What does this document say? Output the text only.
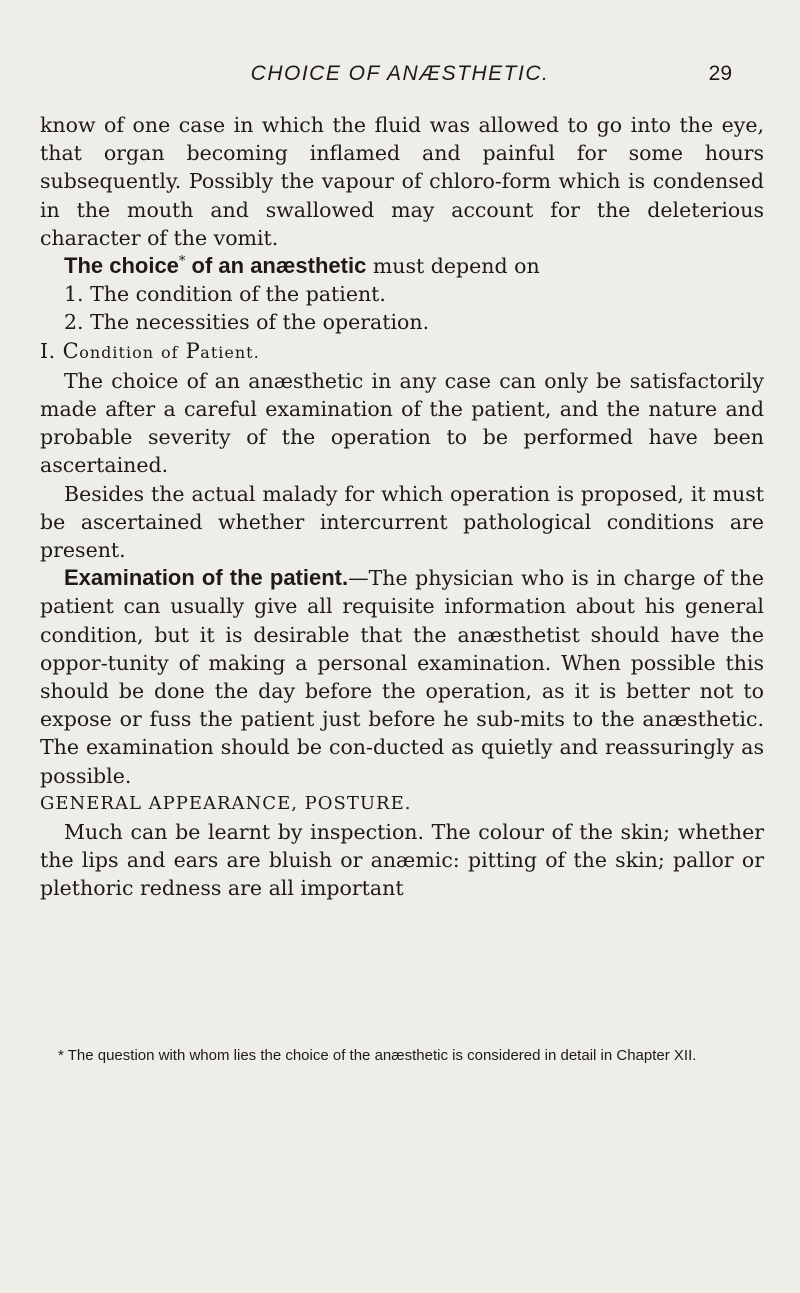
CHOICE OF ANÆSTHETIC.	29

know of one case in which the fluid was allowed to go into the eye, that organ becoming inflamed and painful for some hours subsequently. Possibly the vapour of chloro-form which is condensed in the mouth and swallowed may account for the deleterious character of the vomit.

The choice* of an anæsthetic must depend on

1. The condition of the patient.

2. The necessities of the operation.

I. Condition of Patient.

The choice of an anæsthetic in any case can only be satisfactorily made after a careful examination of the patient, and the nature and probable severity of the operation to be performed have been ascertained.

Besides the actual malady for which operation is proposed, it must be ascertained whether intercurrent pathological conditions are present.

Examination of the patient.—The physician who is in charge of the patient can usually give all requisite information about his general condition, but it is desirable that the anæsthetist should have the oppor-tunity of making a personal examination. When possible this should be done the day before the operation, as it is better not to expose or fuss the patient just before he sub-mits to the anæsthetic. The examination should be con-ducted as quietly and reassuringly as possible.

GENERAL APPEARANCE, POSTURE.

Much can be learnt by inspection. The colour of the skin; whether the lips and ears are bluish or anæmic: pitting of the skin; pallor or plethoric redness are all important

* The question with whom lies the choice of the anæsthetic is considered in detail in Chapter XII.
